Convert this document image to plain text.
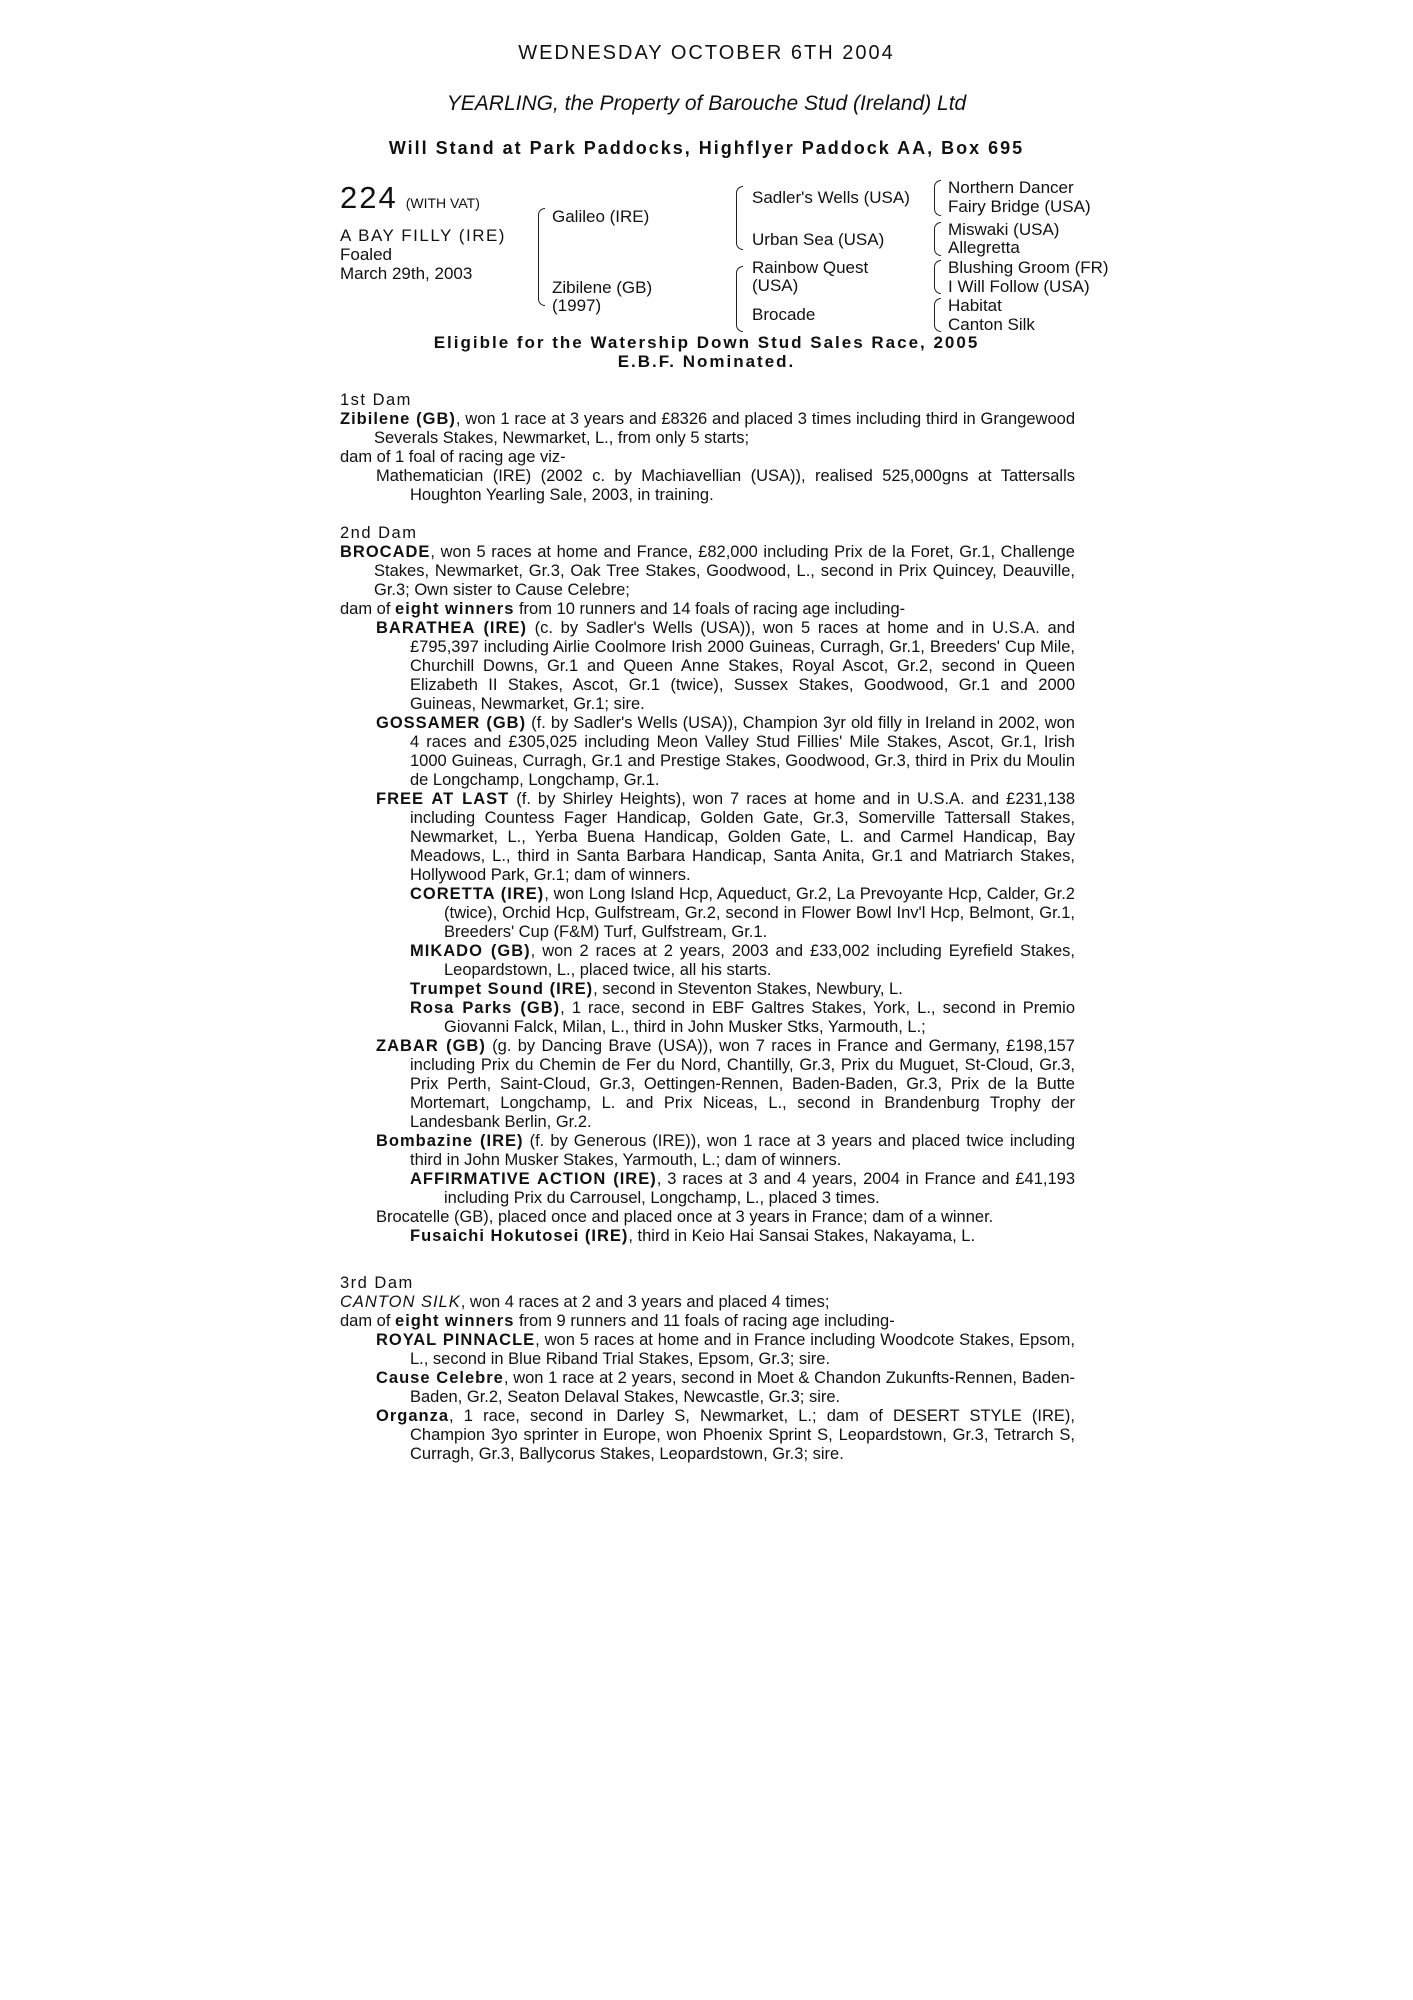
WEDNESDAY OCTOBER 6TH 2004
YEARLING, the Property of Barouche Stud (Ireland) Ltd
Will Stand at Park Paddocks, Highflyer Paddock AA, Box 695
224 (WITH VAT)
A BAY FILLY (IRE)
Foaled
March 29th, 2003
Galileo (IRE)
Zibilene (GB)
(1997)
Sadler's Wells (USA)
Urban Sea (USA)
Rainbow Quest
(USA)
Brocade
Northern Dancer
Fairy Bridge (USA)
Miswaki (USA)
Allegretta
Blushing Groom (FR)
I Will Follow (USA)
Habitat
Canton Silk
Eligible for the Watership Down Stud Sales Race, 2005
E.B.F. Nominated.
1st Dam
Zibilene (GB), won 1 race at 3 years and £8326 and placed 3 times including third in Grangewood Severals Stakes, Newmarket, L., from only 5 starts;
dam of 1 foal of racing age viz-
Mathematician (IRE) (2002 c. by Machiavellian (USA)), realised 525,000gns at Tattersalls Houghton Yearling Sale, 2003, in training.
2nd Dam
BROCADE, won 5 races at home and France, £82,000 including Prix de la Foret, Gr.1, Challenge Stakes, Newmarket, Gr.3, Oak Tree Stakes, Goodwood, L., second in Prix Quincey, Deauville, Gr.3; Own sister to Cause Celebre;
dam of eight winners from 10 runners and 14 foals of racing age including-
BARATHEA (IRE) (c. by Sadler's Wells (USA)), won 5 races at home and in U.S.A. and £795,397 including Airlie Coolmore Irish 2000 Guineas, Curragh, Gr.1, Breeders' Cup Mile, Churchill Downs, Gr.1 and Queen Anne Stakes, Royal Ascot, Gr.2, second in Queen Elizabeth II Stakes, Ascot, Gr.1 (twice), Sussex Stakes, Goodwood, Gr.1 and 2000 Guineas, Newmarket, Gr.1; sire.
GOSSAMER (GB) (f. by Sadler's Wells (USA)), Champion 3yr old filly in Ireland in 2002, won 4 races and £305,025 including Meon Valley Stud Fillies' Mile Stakes, Ascot, Gr.1, Irish 1000 Guineas, Curragh, Gr.1 and Prestige Stakes, Goodwood, Gr.3, third in Prix du Moulin de Longchamp, Longchamp, Gr.1.
FREE AT LAST (f. by Shirley Heights), won 7 races at home and in U.S.A. and £231,138 including Countess Fager Handicap, Golden Gate, Gr.3, Somerville Tattersall Stakes, Newmarket, L., Yerba Buena Handicap, Golden Gate, L. and Carmel Handicap, Bay Meadows, L., third in Santa Barbara Handicap, Santa Anita, Gr.1 and Matriarch Stakes, Hollywood Park, Gr.1; dam of winners.
CORETTA (IRE), won Long Island Hcp, Aqueduct, Gr.2, La Prevoyante Hcp, Calder, Gr.2 (twice), Orchid Hcp, Gulfstream, Gr.2, second in Flower Bowl Inv'l Hcp, Belmont, Gr.1, Breeders' Cup (F&M) Turf, Gulfstream, Gr.1.
MIKADO (GB), won 2 races at 2 years, 2003 and £33,002 including Eyrefield Stakes, Leopardstown, L., placed twice, all his starts.
Trumpet Sound (IRE), second in Steventon Stakes, Newbury, L.
Rosa Parks (GB), 1 race, second in EBF Galtres Stakes, York, L., second in Premio Giovanni Falck, Milan, L., third in John Musker Stks, Yarmouth, L.;
ZABAR (GB) (g. by Dancing Brave (USA)), won 7 races in France and Germany, £198,157 including Prix du Chemin de Fer du Nord, Chantilly, Gr.3, Prix du Muguet, St-Cloud, Gr.3, Prix Perth, Saint-Cloud, Gr.3, Oettingen-Rennen, Baden-Baden, Gr.3, Prix de la Butte Mortemart, Longchamp, L. and Prix Niceas, L., second in Brandenburg Trophy der Landesbank Berlin, Gr.2.
Bombazine (IRE) (f. by Generous (IRE)), won 1 race at 3 years and placed twice including third in John Musker Stakes, Yarmouth, L.; dam of winners.
AFFIRMATIVE ACTION (IRE), 3 races at 3 and 4 years, 2004 in France and £41,193 including Prix du Carrousel, Longchamp, L., placed 3 times.
Brocatelle (GB), placed once and placed once at 3 years in France; dam of a winner.
Fusaichi Hokutosei (IRE), third in Keio Hai Sansai Stakes, Nakayama, L.
3rd Dam
CANTON SILK, won 4 races at 2 and 3 years and placed 4 times;
dam of eight winners from 9 runners and 11 foals of racing age including-
ROYAL PINNACLE, won 5 races at home and in France including Woodcote Stakes, Epsom, L., second in Blue Riband Trial Stakes, Epsom, Gr.3; sire.
Cause Celebre, won 1 race at 2 years, second in Moet & Chandon Zukunfts-Rennen, Baden-Baden, Gr.2, Seaton Delaval Stakes, Newcastle, Gr.3; sire.
Organza, 1 race, second in Darley S, Newmarket, L.; dam of DESERT STYLE (IRE), Champion 3yo sprinter in Europe, won Phoenix Sprint S, Leopardstown, Gr.3, Tetrarch S, Curragh, Gr.3, Ballycorus Stakes, Leopardstown, Gr.3; sire.
